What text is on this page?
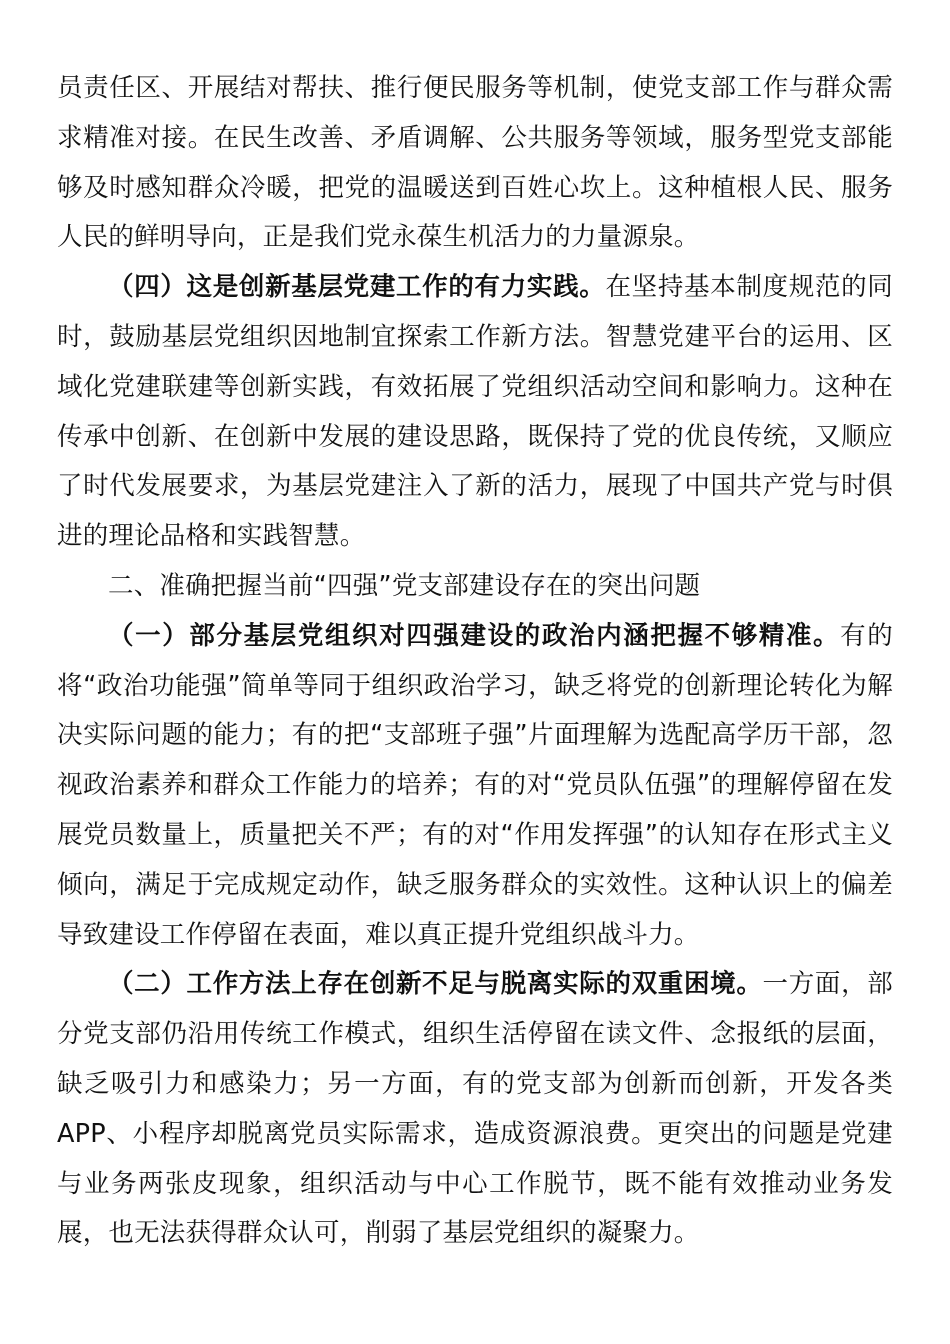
员责任区、开展结对帮扶、推行便民服务等机制，使党支部工作与群众需求精准对接。在民生改善、矛盾调解、公共服务等领域，服务型党支部能够及时感知群众冷暖，把党的温暖送到百姓心坎上。这种植根人民、服务人民的鲜明导向，正是我们党永葆生机活力的力量源泉。

（四）这是创新基层党建工作的有力实践。在坚持基本制度规范的同时，鼓励基层党组织因地制宜探索工作新方法。智慧党建平台的运用、区域化党建联建等创新实践，有效拓展了党组织活动空间和影响力。这种在传承中创新、在创新中发展的建设思路，既保持了党的优良传统，又顺应了时代发展要求，为基层党建注入了新的活力，展现了中国共产党与时俱进的理论品格和实践智慧。

二、准确把握当前“四强”党支部建设存在的突出问题

（一）部分基层党组织对四强建设的政治内涵把握不够精准。有的将“政治功能强”简单等同于组织政治学习，缺乏将党的创新理论转化为解决实际问题的能力；有的把“支部班子强”片面理解为选配高学历干部，忽视政治素养和群众工作能力的培养；有的对“党员队伍强”的理解停留在发展党员数量上，质量把关不严；有的对“作用发挥强”的认知存在形式主义倾向，满足于完成规定动作，缺乏服务群众的实效性。这种认识上的偏差导致建设工作停留在表面，难以真正提升党组织战斗力。

（二）工作方法上存在创新不足与脱离实际的双重困境。一方面，部分党支部仍沿用传统工作模式，组织生活停留在读文件、念报纸的层面，缺乏吸引力和感染力；另一方面，有的党支部为创新而创新，开发各类APP、小程序却脱离党员实际需求，造成资源浪费。更突出的问题是党建与业务两张皮现象，组织活动与中心工作脱节，既不能有效推动业务发展，也无法获得群众认可，削弱了基层党组织的凝聚力。
